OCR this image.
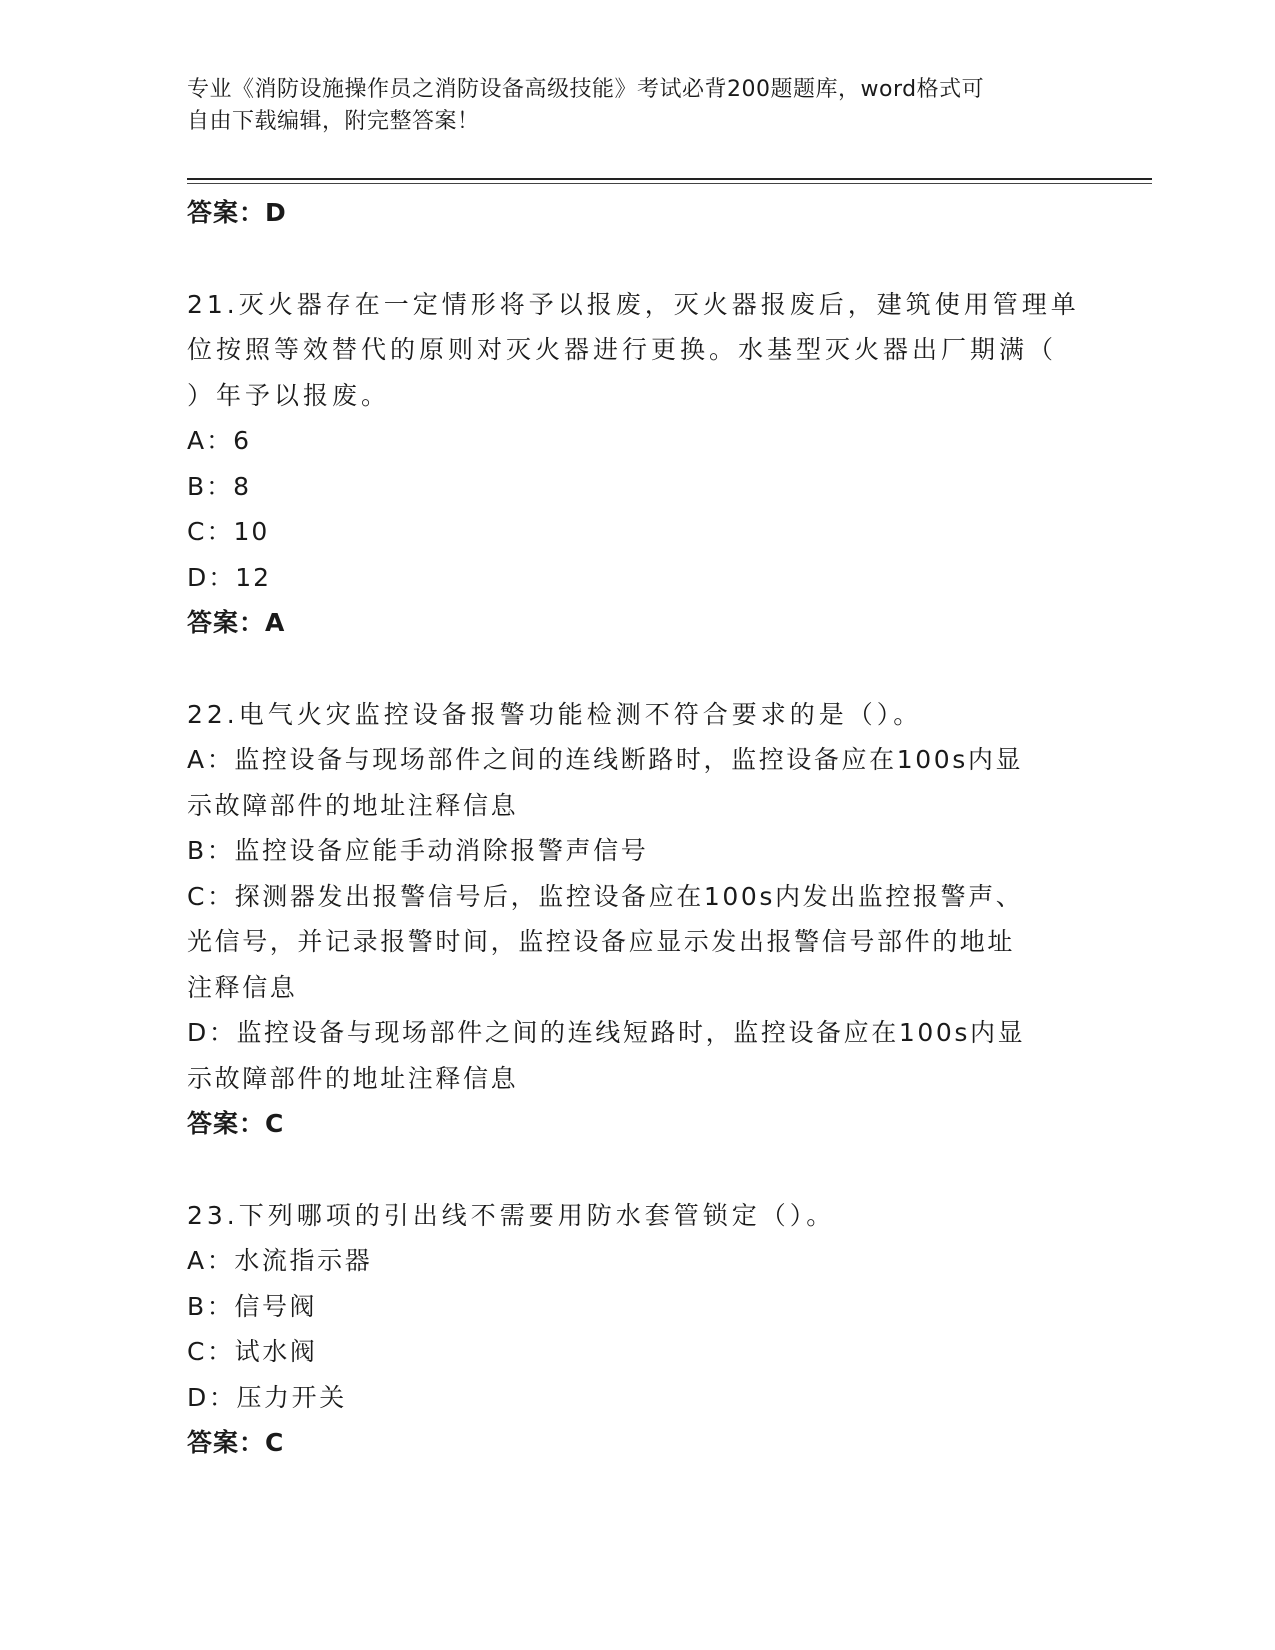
专业《消防设施操作员之消防设备高级技能》考试必背200题题库，word格式可
自由下载编辑，附完整答案！
答案：D
21.灭火器存在一定情形将予以报废，灭火器报废后，建筑使用管理单
位按照等效替代的原则对灭火器进行更换。水基型灭火器出厂期满（
）年予以报废。
A：6
B：8
C：10
D：12
答案：A
22.电气火灾监控设备报警功能检测不符合要求的是（）。
A：监控设备与现场部件之间的连线断路时，监控设备应在100s内显
示故障部件的地址注释信息
B：监控设备应能手动消除报警声信号
C：探测器发出报警信号后，监控设备应在100s内发出监控报警声、
光信号，并记录报警时间，监控设备应显示发出报警信号部件的地址
注释信息
D：监控设备与现场部件之间的连线短路时，监控设备应在100s内显
示故障部件的地址注释信息
答案：C
23.下列哪项的引出线不需要用防水套管锁定（）。
A：水流指示器
B：信号阀
C：试水阀
D：压力开关
答案：C
